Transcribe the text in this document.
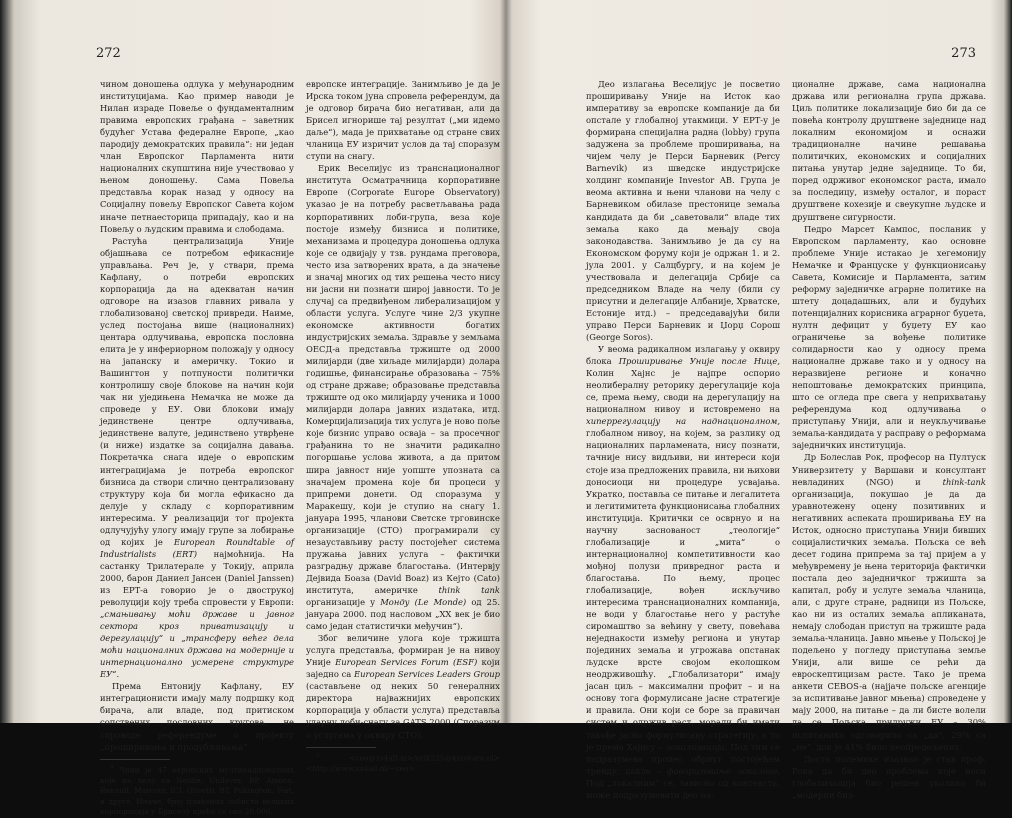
272

чином доношења одлука у међународним институцијама. Као пример наводи је Нилан израде Повеље о фундаменталним правима европских грађана – заветник будућег Устава федералне Европе, „као пародију демократских правила“: ни један члан Европског Парламента нити националних скупштина није учествовао у њеном доношењу. Сама Повеља представља корак назад у односу на Социјалну повељу Европског Савета којом иначе петнаесторица припадају, као и на Повељу о људским правима и слободама.

Растућа централизација Уније објашњава се потребом ефикасније управљања. Реч је, у ствари, према Кафлану, о потреби европских корпорација да на адекватан начин одговоре на изазов главних ривала у глобализованој светској привреди. Наиме, услед постојања више (националних) центара одлучивања, европска пословна елита је у инфериорном положају у односу на јапанску и америчку. Токио и Вашингтон у потпуности политички контролишу своје блокове на начин који чак ни уједињена Немачка не може да спроведе у ЕУ. Ови блокови имају јединствене центре одлучивања, јединствене валуте, јединствено утврђене (и ниже) издатке за социјална давања. Покретачка снага идеје о европским интеграцијама је потреба европског бизниса да створи слично централизовану структуру која би могла ефикасно да делује у складу с корпоративним интересима. У реализацији тог пројекта одлучујућу улогу имају групе за лобирање од којих је European Roundtable of Industrialists (ERT) најмоћнија. На састанку Трилатерале у Токију, априла 2000, барон Даниел Јансен (Daniel Janssen) из ЕРТ-а говорио је о двострукој револуцији коју треба спровести у Европи: „смањивању моћи државе и јавног сектора кроз приватизацију и дерегулацију“ и „трансферу већег дела моћи националних држава на модерније и интернационално усмерене структуре ЕУ“.

Према Ентонију Кафлану, ЕУ интеграционисти имају малу подршку код бирача, али владе, под притиском сопствених пословних кругова, не спроводе референдуме о пројекту „проширивања и продубљивања“

$^4$ Чини је 47 европских мултинационалних које на челу са Nestle, Unilever, BP, Amoco, Renault, Marconi, ICI, Olivetti, BT, Pilkington, Fiat, и друге. Иначе, број плаћених лобиста великих корпорација у Бриселу креће се око 20.000.

европске интеграције. Занимљиво је да је Ирска током јуна спровела референдум, да је одговор бирача био негативан, али да Брисел игнорише тај резултат („ми идемо даље“), мада је прихватање од стране свих чланица ЕУ изричит услов да тај споразум ступи на снагу.

Ерик Веселијус из транснационалног института Осматрачница корпоративне Европе (Corporate Europe Observatory) указао је на потребу расветљавања рада корпоративних лоби-група, веза које постоје између бизниса и политике, механизама и процедура доношења одлука које се одвијају у тзв. рундама преговора, често иза затворених врата, а да значење и значај многих од тих решења често нису ни јасни ни познати широј јавности. То је случај са предвиђеном либерализацијом у области услуга. Услуге чине 2/3 укупне економске активности богатих индустријских земаља. Здравље у земљама ОЕСД-а представља тржиште од 2000 милијарди (две хиљаде милијарди) долара годишње, финансирање образовања – 75% од стране државе; образовање представља тржиште од око милијарду ученика и 1000 милијарди долара јавних издатака, итд. Комерцијализација тих услуга је ново поље које бизнис управо осваја – за просечног грађанина то не значити радикално погоршање услова живота, а да притом шира јавност није уопште упозната са значајем промена које би процеси у припреми донети. Од споразума у Маракешу, који је ступио на снагу 1. јануара 1995, чланови Светске трговинске организације (СТО) програмирали су незаустављиву расту постојећег система пружања јавних услуга – фактички разградњу државе благостања. (Интервју Дејвида Боаза (David Boaz) из Кејто (Cato) института, америчке think tank организације у Монду (Le Monde) од 25. јануара 2000. под насловом „XX век је био само један статистички међучин“).

Због величине улога које тржишта услуга представља, формиран је на нивоу Уније European Services Forum (ESF) који заједно са European Services Leaders Group (састављене од неких 50 генералних директора најважнијих европских корпорација у области услуга) представља ударну лоби-снагу за GATS 2000 (Споразум о услугама у оквиру СТО).

$^5$	<ceo@xs4all.nl>/erik225@knoware.nl> <http://www.xs4all.nl/~ceo>

273

Део излагања Веселијус је посветио проширивању Уније на Исток као императиву за европске компаније да би опстале у глобалној утакмици. У ЕРТ-у је формирана специјална радна (lobby) група задужена за проблеме проширивања, на чијем челу је Перси Барневик (Percy Barnevik) из шведске индустријске холдинг компаније Investor AB. Група је веома активна и њени чланови на челу с Барневиком обилазе престонице земаља кандидата да би „саветовали“ владе тих земаља како да мењају своја законодавства. Занимљиво је да су на Економском форуму који је одржан 1. и 2. јула 2001. у Салцбургу, и на којем је учествовала и делегација Србије са председником Владе на челу (били су присутни и делегације Албаније, Хрватске, Естоније итд.) – председавајући били управо Перси Барневик и Џорџ Сорош (George Soros).

У веома радикалном излагању у оквиру блока Проширивање Уније после Нице, Колин Хајнс је најпре оспорио неолибералну реторику дерегулације која се, према њему, своди на дерегулацију на националном нивоу и истовремено на хиперрегулацију на наднационалном, глобалном нивоу, на којем, за разлику од националних парламената, нису познати, тачније нису видљиви, ни интереси који стоје иза предложених правила, ни њихови доносиоци ни процедуре усвајања. Укратко, постављa се питање и легалитета и легитимитета функционисања глобалних институција. Критички се осврнуо и на научну заснованост „теологије“ глобализације и „мита“ о интернационалној компетитивности као мођној полузи привредног раста и благостања. По њему, процес глобализације, вођен искључиво интересима транснационалних компанија, не води у благостање него у растуће сиромаштво за већину у свету, повећава неједнакости између региона и унутар појединих земаља и угрожава опстанак људске врсте својом еколошком неодрживошћу. „Глобализатори“ имају јасан циљ – максимални профит – и на основу тога формулисане јасне стратегије и правила. Они који се боре за правичан систем и одржив раст, морали би имати такође јасно формулисану стратегију, а то је према Хајнсу – локализација. Под тим се подразумева процес обрнут постојећем тренду, дакле – фаворизовање локалног. Под „локалним“ се, зависно од контекста, може подразумевати део на-

ционалне државе, сама национална држава или регионална група држава. Циљ политике локализације био би да се повећа контролу друштвене заједнице над локалним економијом и оснажи традиционалне начине решавања политичких, економских и социјалних питања унутар једне заједнице. То би, поред одрживог економског раста, имало за последицу, између осталог, и пораст друштвене кохезије и свеукупне људске и друштвене сигурности.

Педро Марсет Кампос, посланик у Европском парламенту, као основне проблеме Уније истакао је хегемонију Немачке и Француске у функционисању Савета, Комисије и Парламента, затим реформу заједничке аграрне политике на штету доцадашњих, али и будућих потенцијалних корисника аграрног буџета, нултн дефицит у буџету ЕУ као ограничење за вођење политике солидарности као у односу према националне државе тако и у односу на неразвијене регионе и коначно непоштовање демократских принципа, што се огледа пре свега у неприхватању референдума код одлучивања о приступању Унији, али и неукључивање земаља-кандидата у расправу о реформама заједничких институција.

Др Болеслав Рок, професор на Пултуск Универзитету у Варшави и консултант невладиних (NGO) и	think-tank организација, покушао је да да уравнотежену оцену позитивних и негативних аспеката проширивања ЕУ на Исток, односно приступања Унији бивших социјалистичких земаља. Пољска се већ десет година припрема за тај пријем а у међувремену је њена територија фактички постала део заједничког тржишта за капитал, робу и услуге земаља чланица, али, с друге стране, радници из Пољске, као ни из осталих земаља апликаната, немају слободан приступ на тржиште рада земаља-чланица. Јавно мњење у Пољској је подељено у погледу приступања земље Унији, али више се рећи да евроскептицизам расте. Тако је према анкети CEBOS-а (најјаче пољске агенције за испитивање јавног мњења) спроведене у мају 2000, на питање – да ли бисте волели да се Пољска придружи ЕУ – 30% испитаника одговорило са „да“, 29% са „не“, док је 41% било неопредељених.

Доста полемике изазвао је став проф. Рока да би део проблема које носи глобализација био решен уколико би „модерни биз-
